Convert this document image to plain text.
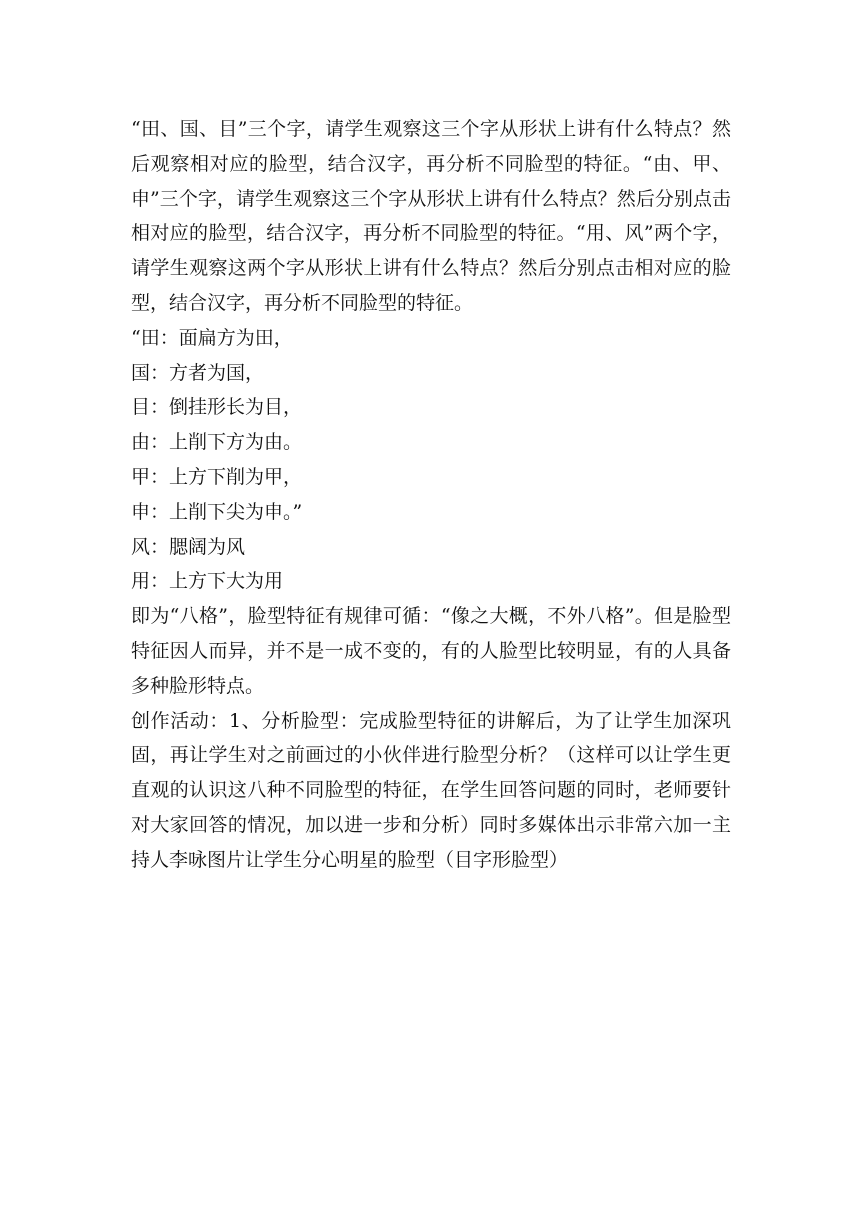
“田、国、目”三个字，请学生观察这三个字从形状上讲有什么特点？然后观察相对应的脸型，结合汉字，再分析不同脸型的特征。“由、甲、申”三个字，请学生观察这三个字从形状上讲有什么特点？然后分别点击相对应的脸型，结合汉字，再分析不同脸型的特征。“用、风”两个字，请学生观察这两个字从形状上讲有什么特点？然后分别点击相对应的脸型，结合汉字，再分析不同脸型的特征。

“田：面扁方为田，

国：方者为国，

目：倒挂形长为目，

由：上削下方为由。

甲：上方下削为甲，

申：上削下尖为申。”

风：腮阔为风

用：上方下大为用

即为“八格”，脸型特征有规律可循：“像之大概，不外八格”。但是脸型特征因人而异，并不是一成不变的，有的人脸型比较明显，有的人具备多种脸形特点。

创作活动：1、分析脸型：完成脸型特征的讲解后，为了让学生加深巩固，再让学生对之前画过的小伙伴进行脸型分析？（这样可以让学生更直观的认识这八种不同脸型的特征，在学生回答问题的同时，老师要针对大家回答的情况，加以进一步和分析）同时多媒体出示非常六加一主持人李咏图片让学生分心明星的脸型（目字形脸型）
